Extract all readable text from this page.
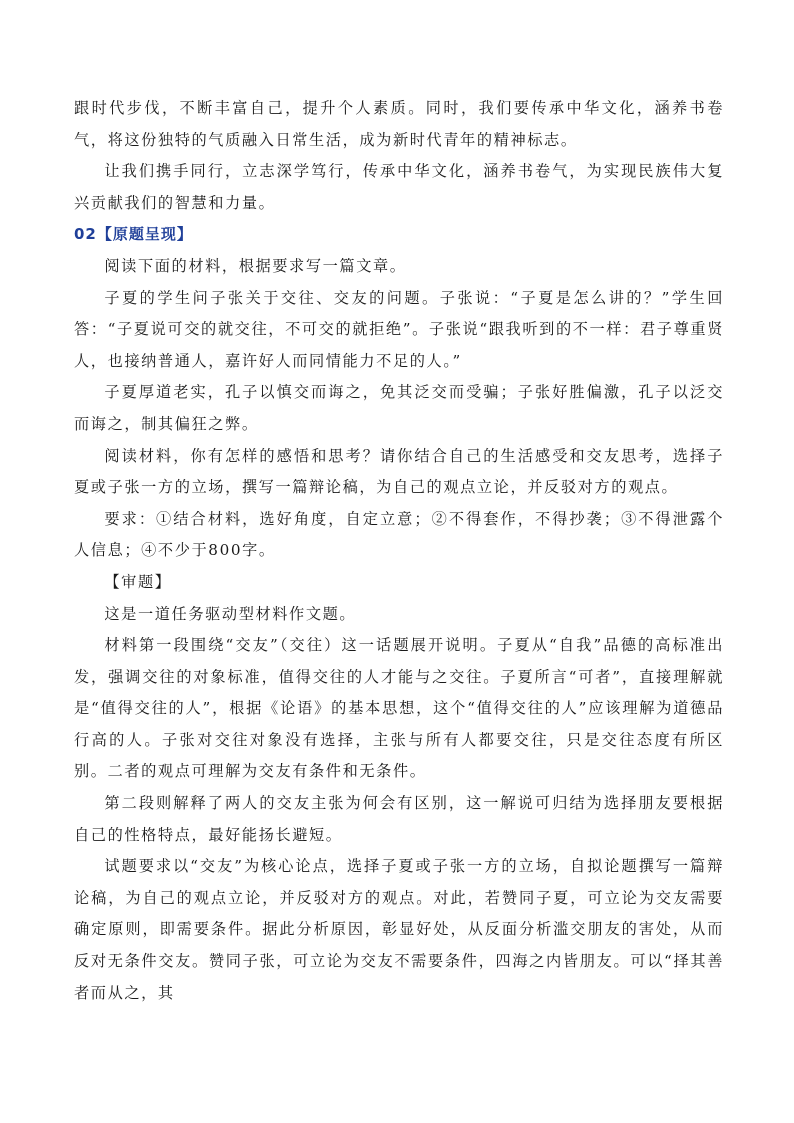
跟时代步伐，不断丰富自己，提升个人素质。同时，我们要传承中华文化，涵养书卷气，将这份独特的气质融入日常生活，成为新时代青年的精神标志。

让我们携手同行，立志深学笃行，传承中华文化，涵养书卷气，为实现民族伟大复兴贡献我们的智慧和力量。

02【原题呈现】

阅读下面的材料，根据要求写一篇文章。

子夏的学生问子张关于交往、交友的问题。子张说：“子夏是怎么讲的？”学生回答：“子夏说可交的就交往，不可交的就拒绝”。子张说“跟我听到的不一样：君子尊重贤人，也接纳普通人，嘉许好人而同情能力不足的人。”

子夏厚道老实，孔子以慎交而诲之，免其泛交而受骗；子张好胜偏激，孔子以泛交而诲之，制其偏狂之弊。

阅读材料，你有怎样的感悟和思考？请你结合自己的生活感受和交友思考，选择子夏或子张一方的立场，撰写一篇辩论稿，为自己的观点立论，并反驳对方的观点。

要求：①结合材料，选好角度，自定立意；②不得套作，不得抄袭；③不得泄露个人信息；④不少于800字。

【审题】

这是一道任务驱动型材料作文题。

材料第一段围绕“交友”（交往）这一话题展开说明。子夏从“自我”品德的高标准出发，强调交往的对象标准，值得交往的人才能与之交往。子夏所言“可者”，直接理解就是“值得交往的人”，根据《论语》的基本思想，这个“值得交往的人”应该理解为道德品行高的人。子张对交往对象没有选择，主张与所有人都要交往，只是交往态度有所区别。二者的观点可理解为交友有条件和无条件。

第二段则解释了两人的交友主张为何会有区别，这一解说可归结为选择朋友要根据自己的性格特点，最好能扬长避短。

试题要求以“交友”为核心论点，选择子夏或子张一方的立场，自拟论题撰写一篇辩论稿，为自己的观点立论，并反驳对方的观点。对此，若赞同子夏，可立论为交友需要确定原则，即需要条件。据此分析原因，彰显好处，从反面分析滥交朋友的害处，从而反对无条件交友。赞同子张，可立论为交友不需要条件，四海之内皆朋友。可以“择其善者而从之，其
